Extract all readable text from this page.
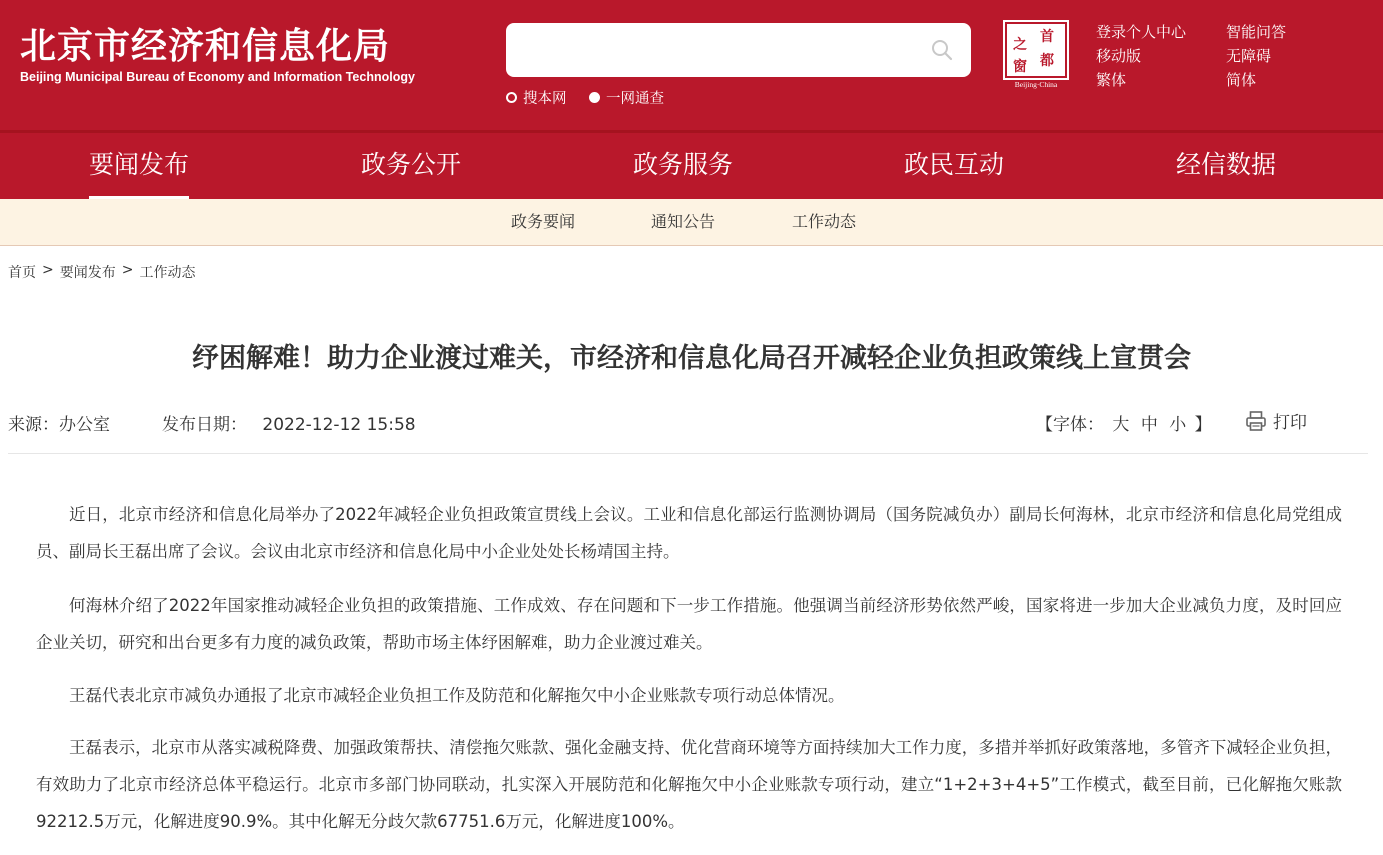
北京市经济和信息化局
Beijing Municipal Bureau of Economy and Information Technology
搜本网	一网通查
首
都
之
窗
Beijing·China
登录个人中心	智能问答
移动版	无障碍
繁体	简体
要闻发布	政务公开	政务服务	政民互动	经信数据
政务要闻	通知公告	工作动态
首页 > 要闻发布 > 工作动态
纾困解难！助力企业渡过难关，市经济和信息化局召开减轻企业负担政策线上宣贯会
来源：办公室	发布日期： 2022-12-12 15:58	【字体： 大 中 小 】	打印

近日，北京市经济和信息化局举办了2022年减轻企业负担政策宣贯线上会议。工业和信息化部运行监测协调局（国务院减负办）副局长何海林，北京市经济和信息化局党组成员、副局长王磊出席了会议。会议由北京市经济和信息化局中小企业处处长杨靖国主持。

何海林介绍了2022年国家推动减轻企业负担的政策措施、工作成效、存在问题和下一步工作措施。他强调当前经济形势依然严峻，国家将进一步加大企业减负力度，及时回应企业关切，研究和出台更多有力度的减负政策，帮助市场主体纾困解难，助力企业渡过难关。

王磊代表北京市减负办通报了北京市减轻企业负担工作及防范和化解拖欠中小企业账款专项行动总体情况。

王磊表示，北京市从落实减税降费、加强政策帮扶、清偿拖欠账款、强化金融支持、优化营商环境等方面持续加大工作力度，多措并举抓好政策落地，多管齐下减轻企业负担，有效助力了北京市经济总体平稳运行。北京市多部门协同联动，扎实深入开展防范和化解拖欠中小企业账款专项行动，建立“1+2+3+4+5”工作模式，截至目前，已化解拖欠账款92212.5万元，化解进度90.9%。其中化解无分歧欠款67751.6万元，化解进度100%。
